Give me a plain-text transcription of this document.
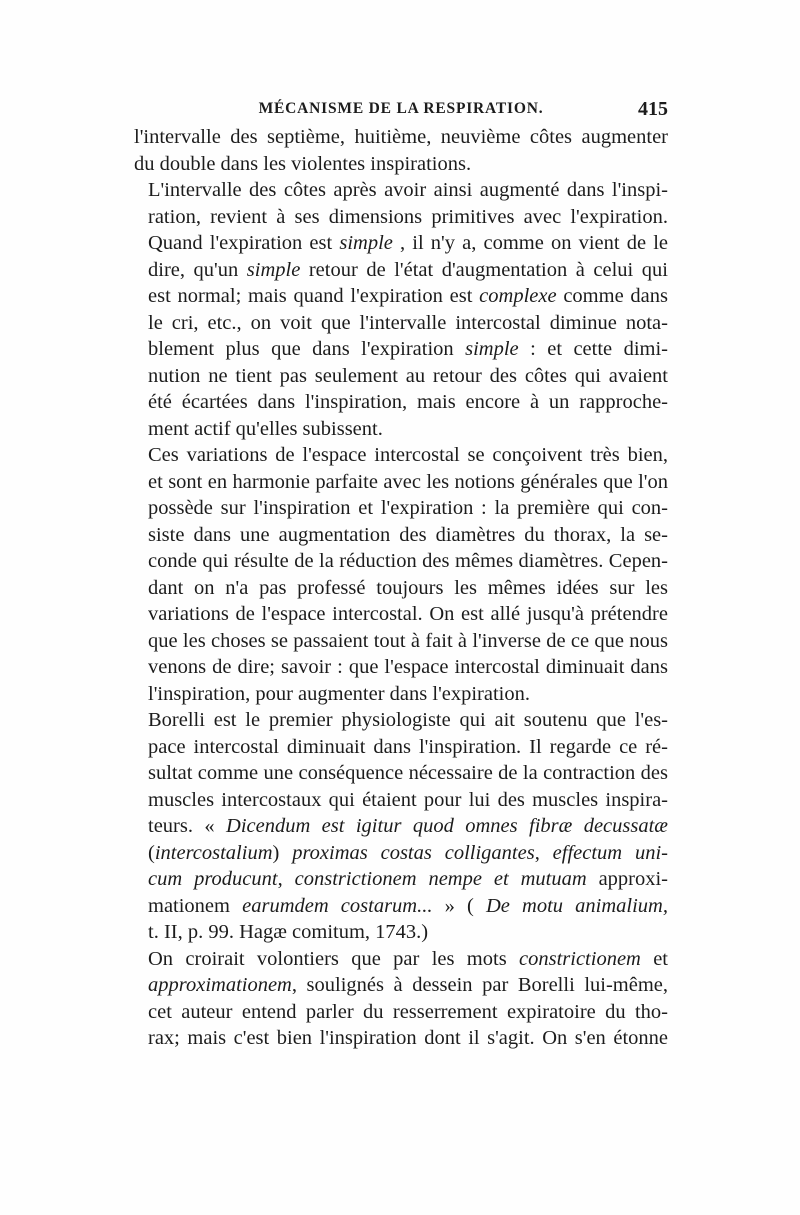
MÉCANISME DE LA RESPIRATION.	415

l'intervalle des septième, huitième, neuvième côtes augmenter
du double dans les violentes inspirations.

L'intervalle des côtes après avoir ainsi augmenté dans l'inspi-
ration, revient à ses dimensions primitives avec l'expiration.
Quand l'expiration est simple , il n'y a, comme on vient de le
dire, qu'un simple retour de l'état d'augmentation à celui qui
est normal; mais quand l'expiration est complexe comme dans
le cri, etc., on voit que l'intervalle intercostal diminue nota-
blement plus que dans l'expiration simple : et cette dimi-
nution ne tient pas seulement au retour des côtes qui avaient
été écartées dans l'inspiration, mais encore à un rapproche-
ment actif qu'elles subissent.

Ces variations de l'espace intercostal se conçoivent très bien,
et sont en harmonie parfaite avec les notions générales que l'on
possède sur l'inspiration et l'expiration : la première qui con-
siste dans une augmentation des diamètres du thorax, la se-
conde qui résulte de la réduction des mêmes diamètres. Cepen-
dant on n'a pas professé toujours les mêmes idées sur les
variations de l'espace intercostal. On est allé jusqu'à prétendre
que les choses se passaient tout à fait à l'inverse de ce que nous
venons de dire; savoir : que l'espace intercostal diminuait dans
l'inspiration, pour augmenter dans l'expiration.

Borelli est le premier physiologiste qui ait soutenu que l'es-
pace intercostal diminuait dans l'inspiration. Il regarde ce ré-
sultat comme une conséquence nécessaire de la contraction des
muscles intercostaux qui étaient pour lui des muscles inspira-
teurs. « Dicendum est igitur quod omnes fibræ decussatæ
(intercostalium) proximas costas colligantes, effectum uni-
cum producunt, constrictionem nempe et mutuam approxi-
mationem earumdem costarum... » ( De motu animalium,
t. II, p. 99. Hagæ comitum, 1743.)

On croirait volontiers que par les mots constrictionem et
approximationem, soulignés à dessein par Borelli lui-même,
cet auteur entend parler du resserrement expiratoire du tho-
rax; mais c'est bien l'inspiration dont il s'agit. On s'en étonne
